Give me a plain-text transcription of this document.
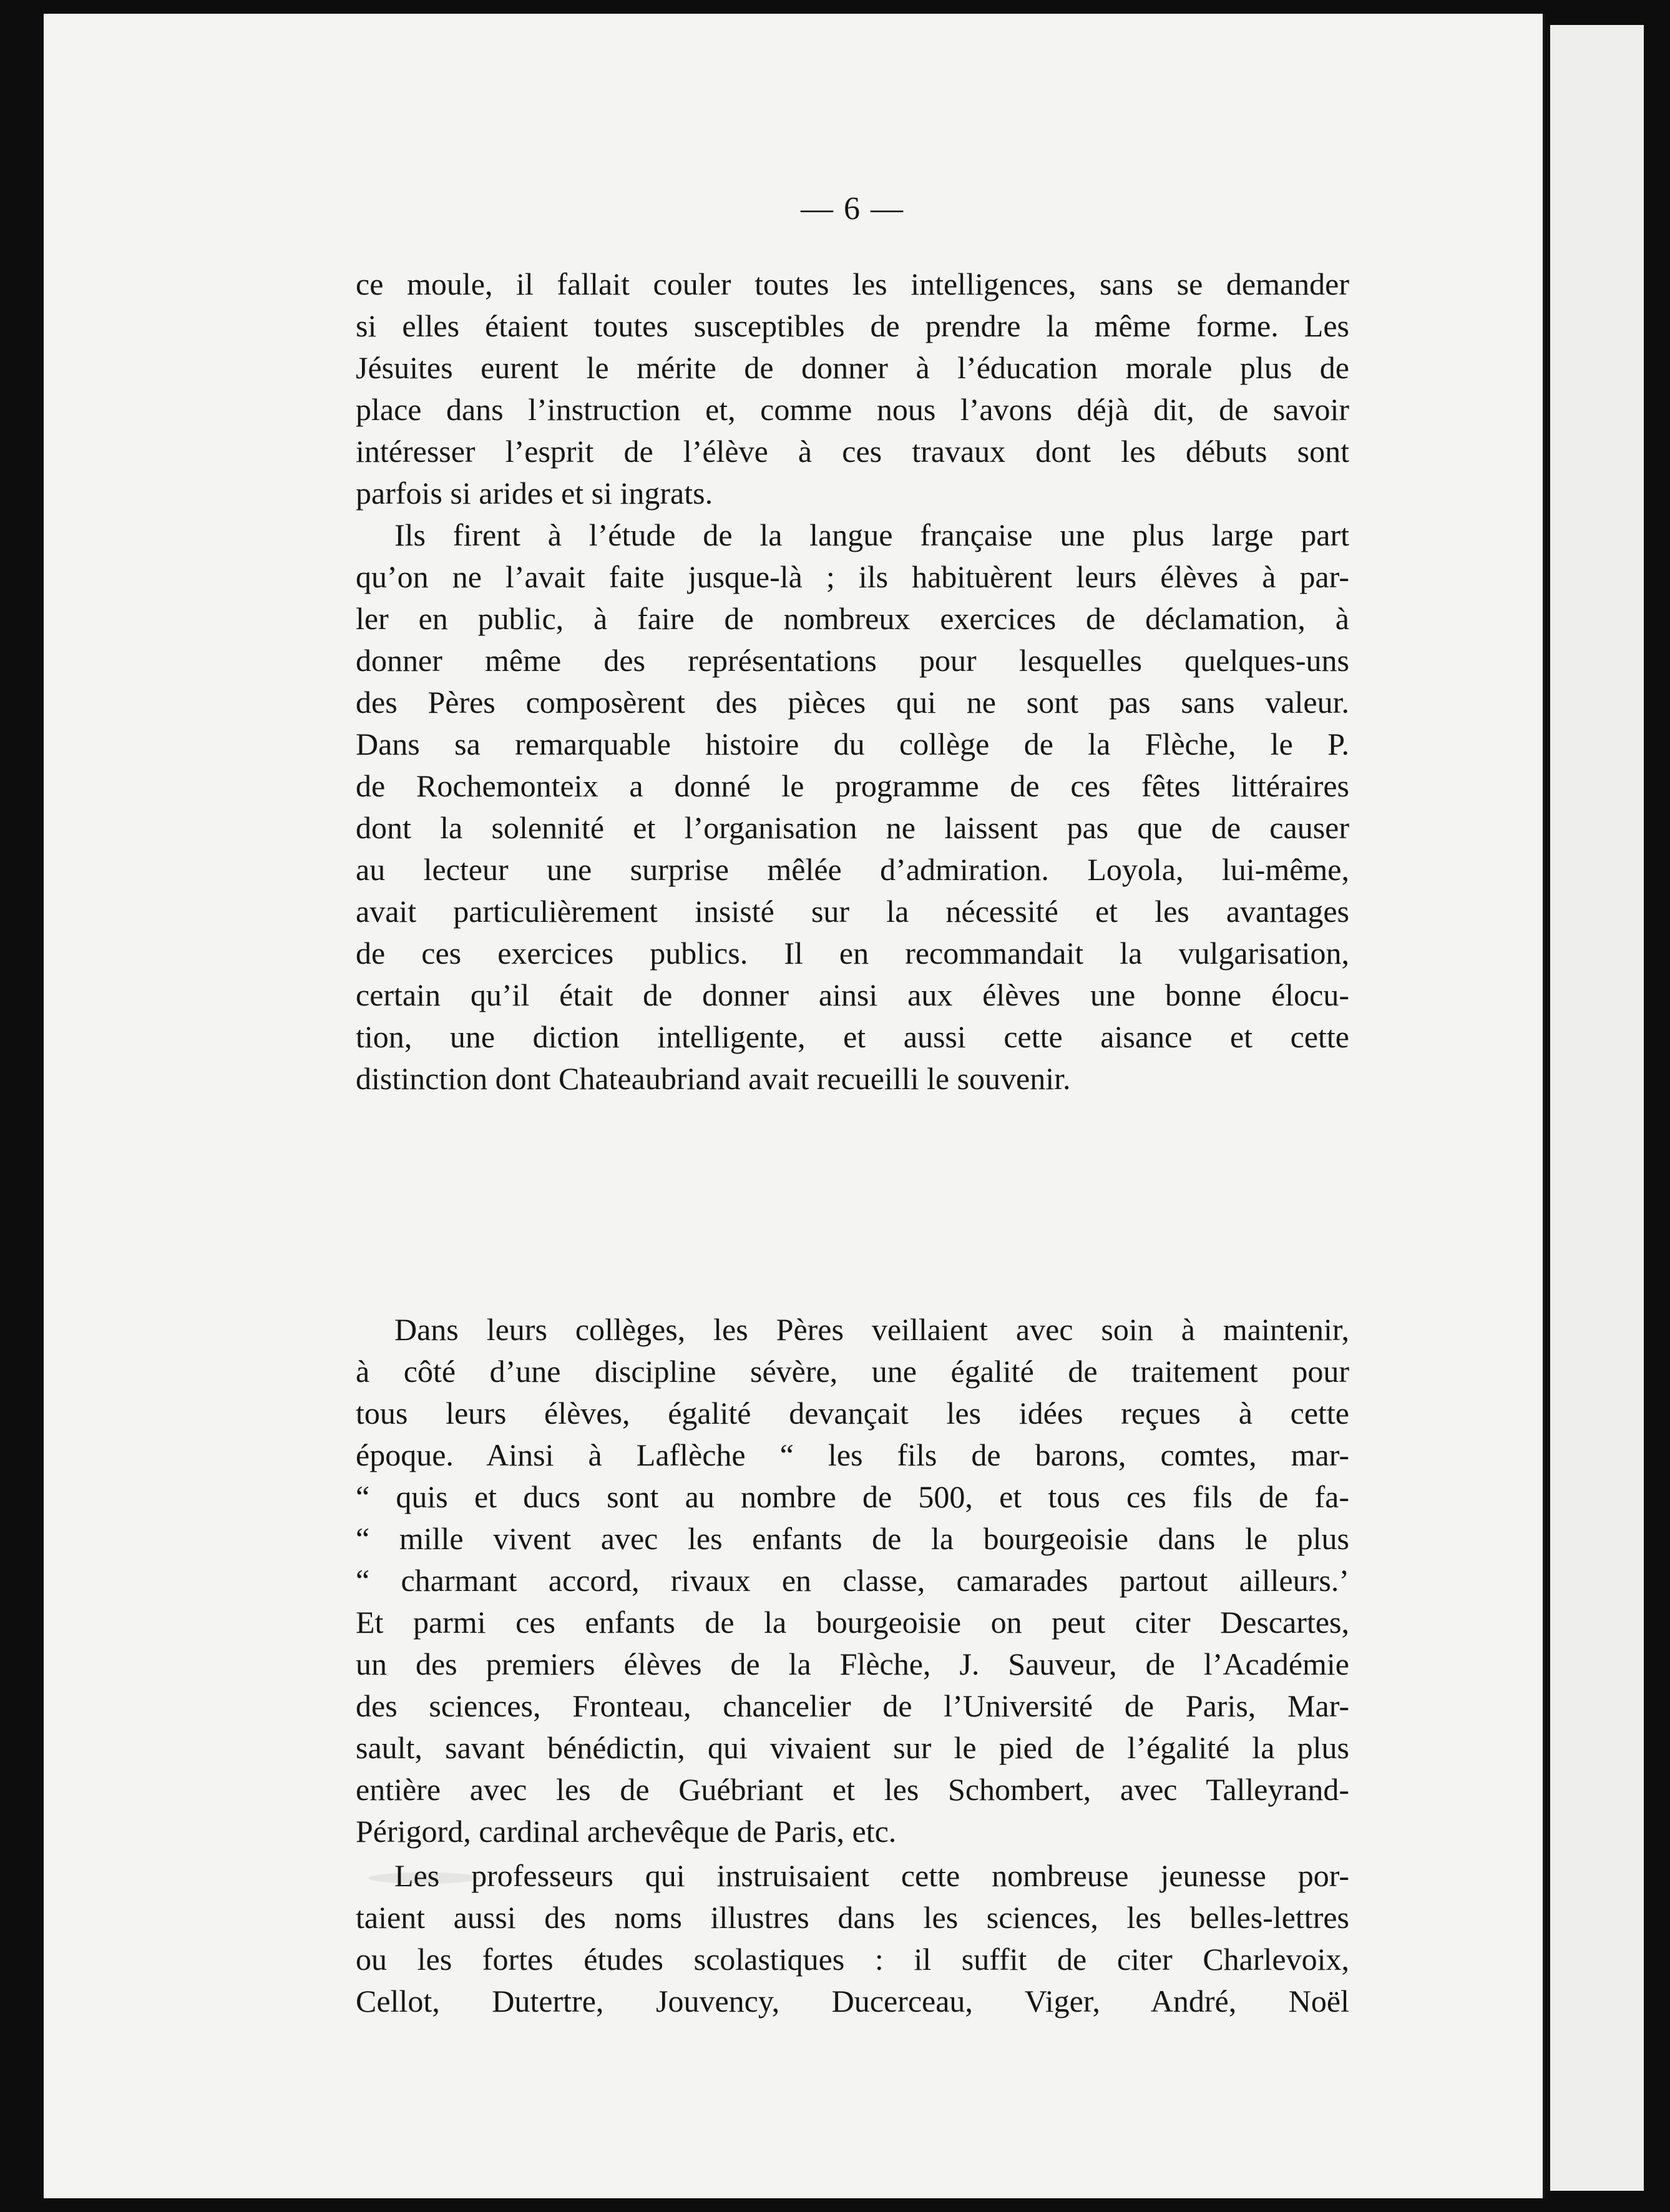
— 6 —

ce moule, il fallait couler toutes les intelligences, sans se demander
si elles étaient toutes susceptibles de prendre la même forme. Les
Jésuites eurent le mérite de donner à l’éducation morale plus de
place dans l’instruction et, comme nous l’avons déjà dit, de savoir
intéresser l’esprit de l’élève à ces travaux dont les débuts sont
parfois si arides et si ingrats.

Ils firent à l’étude de la langue française une plus large part
qu’on ne l’avait faite jusque-là ; ils habituèrent leurs élèves à par-
ler en public, à faire de nombreux exercices de déclamation, à
donner même des représentations pour lesquelles quelques-uns
des Pères composèrent des pièces qui ne sont pas sans valeur.
Dans sa remarquable histoire du collège de la Flèche, le P.
de Rochemonteix a donné le programme de ces fêtes littéraires
dont la solennité et l’organisation ne laissent pas que de causer
au lecteur une surprise mêlée d’admiration. Loyola, lui-même,
avait particulièrement insisté sur la nécessité et les avantages
de ces exercices publics. Il en recommandait la vulgarisation,
certain qu’il était de donner ainsi aux élèves une bonne élocu-
tion, une diction intelligente, et aussi cette aisance et cette
distinction dont Chateaubriand avait recueilli le souvenir.

Dans leurs collèges, les Pères veillaient avec soin à maintenir,
à côté d’une discipline sévère, une égalité de traitement pour
tous leurs élèves, égalité devançait les idées reçues à cette
époque. Ainsi à Laflèche “ les fils de barons, comtes, mar-
“ quis et ducs sont au nombre de 500, et tous ces fils de fa-
“ mille vivent avec les enfants de la bourgeoisie dans le plus
“ charmant accord, rivaux en classe, camarades partout ailleurs.’
Et parmi ces enfants de la bourgeoisie on peut citer Descartes,
un des premiers élèves de la Flèche, J. Sauveur, de l’Académie
des sciences, Fronteau, chancelier de l’Université de Paris, Mar-
sault, savant bénédictin, qui vivaient sur le pied de l’égalité la plus
entière avec les de Guébriant et les Schombert, avec Talleyrand-
Périgord, cardinal archevêque de Paris, etc.

Les professeurs qui instruisaient cette nombreuse jeunesse por-
taient aussi des noms illustres dans les sciences, les belles-lettres
ou les fortes études scolastiques : il suffit de citer Charlevoix,
Cellot, Dutertre, Jouvency, Ducerceau, Viger, André, Noël
